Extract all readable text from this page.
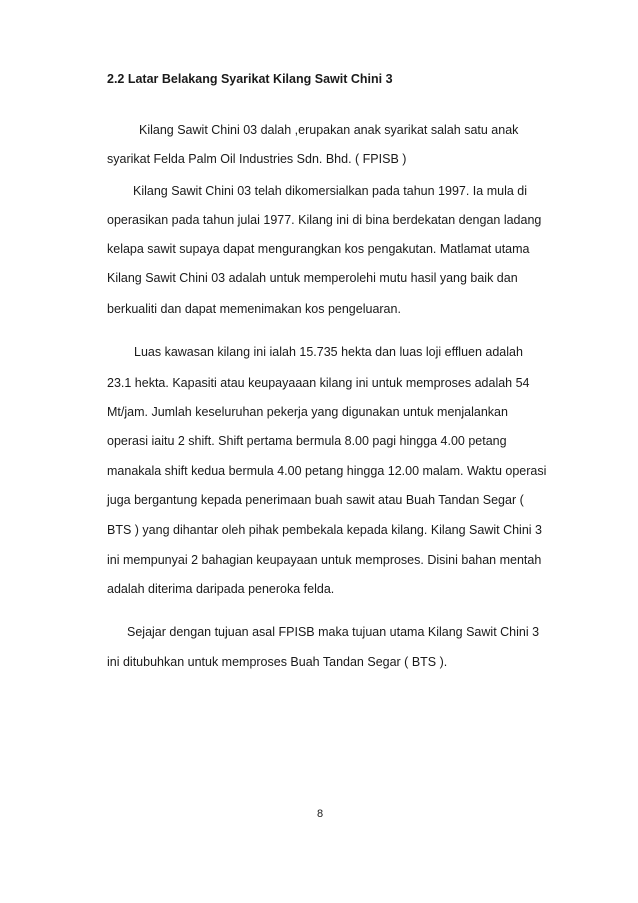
2.2 Latar Belakang Syarikat Kilang Sawit Chini 3
Kilang Sawit Chini 03 dalah ,erupakan anak syarikat salah satu anak
syarikat Felda Palm Oil Industries Sdn. Bhd. ( FPISB )
Kilang Sawit Chini 03 telah dikomersialkan pada tahun 1997. Ia mula di
operasikan pada tahun julai 1977. Kilang ini di bina berdekatan dengan ladang
kelapa sawit supaya dapat mengurangkan kos pengakutan. Matlamat utama
Kilang Sawit Chini 03 adalah untuk memperolehi mutu hasil yang baik dan
berkualiti dan dapat memenimakan kos pengeluaran.
Luas kawasan kilang ini ialah 15.735 hekta dan luas loji effluen adalah
23.1 hekta. Kapasiti atau keupayaaan kilang ini untuk memproses adalah 54
Mt/jam. Jumlah keseluruhan pekerja yang digunakan untuk menjalankan
operasi iaitu 2 shift. Shift pertama bermula 8.00 pagi hingga 4.00 petang
manakala shift kedua bermula 4.00 petang hingga 12.00 malam. Waktu operasi
juga bergantung kepada penerimaan buah sawit atau Buah Tandan Segar (
BTS ) yang dihantar oleh pihak pembekala kepada kilang. Kilang Sawit Chini 3
ini mempunyai 2 bahagian keupayaan untuk memproses. Disini bahan mentah
adalah diterima daripada peneroka felda.
Sejajar dengan tujuan asal FPISB maka tujuan utama Kilang Sawit Chini 3
ini ditubuhkan untuk memproses Buah Tandan Segar ( BTS ).
8
